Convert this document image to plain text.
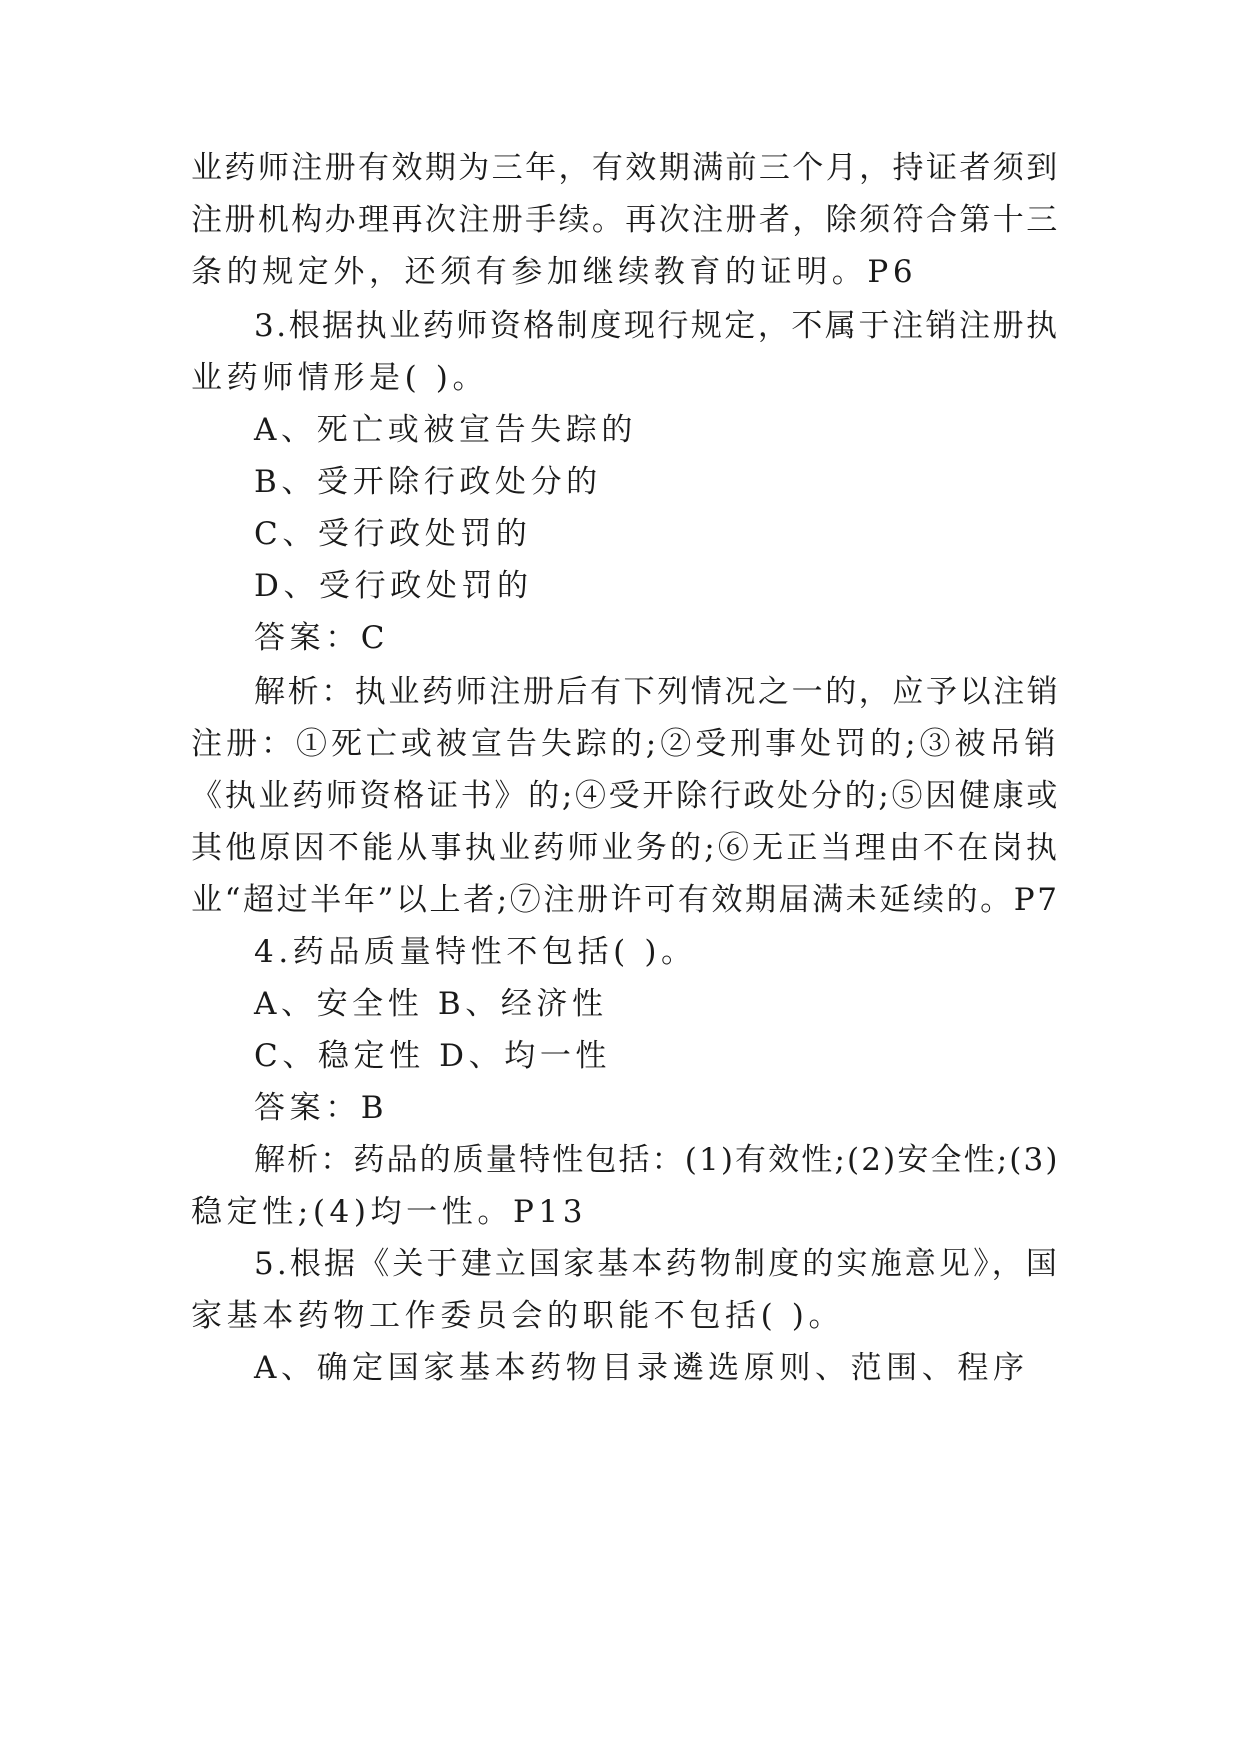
业药师注册有效期为三年，有效期满前三个月，持证者须到
注册机构办理再次注册手续。再次注册者，除须符合第十三
条的规定外，还须有参加继续教育的证明。P6
3.根据执业药师资格制度现行规定，不属于注销注册执
业药师情形是( )。
A、死亡或被宣告失踪的
B、受开除行政处分的
C、受行政处罚的
D、受行政处罚的
答案：C
解析：执业药师注册后有下列情况之一的，应予以注销
注册：①死亡或被宣告失踪的;②受刑事处罚的;③被吊销
《执业药师资格证书》的;④受开除行政处分的;⑤因健康或
其他原因不能从事执业药师业务的;⑥无正当理由不在岗执
业“超过半年”以上者;⑦注册许可有效期届满未延续的。P7
4.药品质量特性不包括( )。
A、安全性 B、经济性
C、稳定性 D、均一性
答案：B
解析：药品的质量特性包括：(1)有效性;(2)安全性;(3)
稳定性;(4)均一性。P13
5.根据《关于建立国家基本药物制度的实施意见》，国
家基本药物工作委员会的职能不包括( )。
A、确定国家基本药物目录遴选原则、范围、程序
